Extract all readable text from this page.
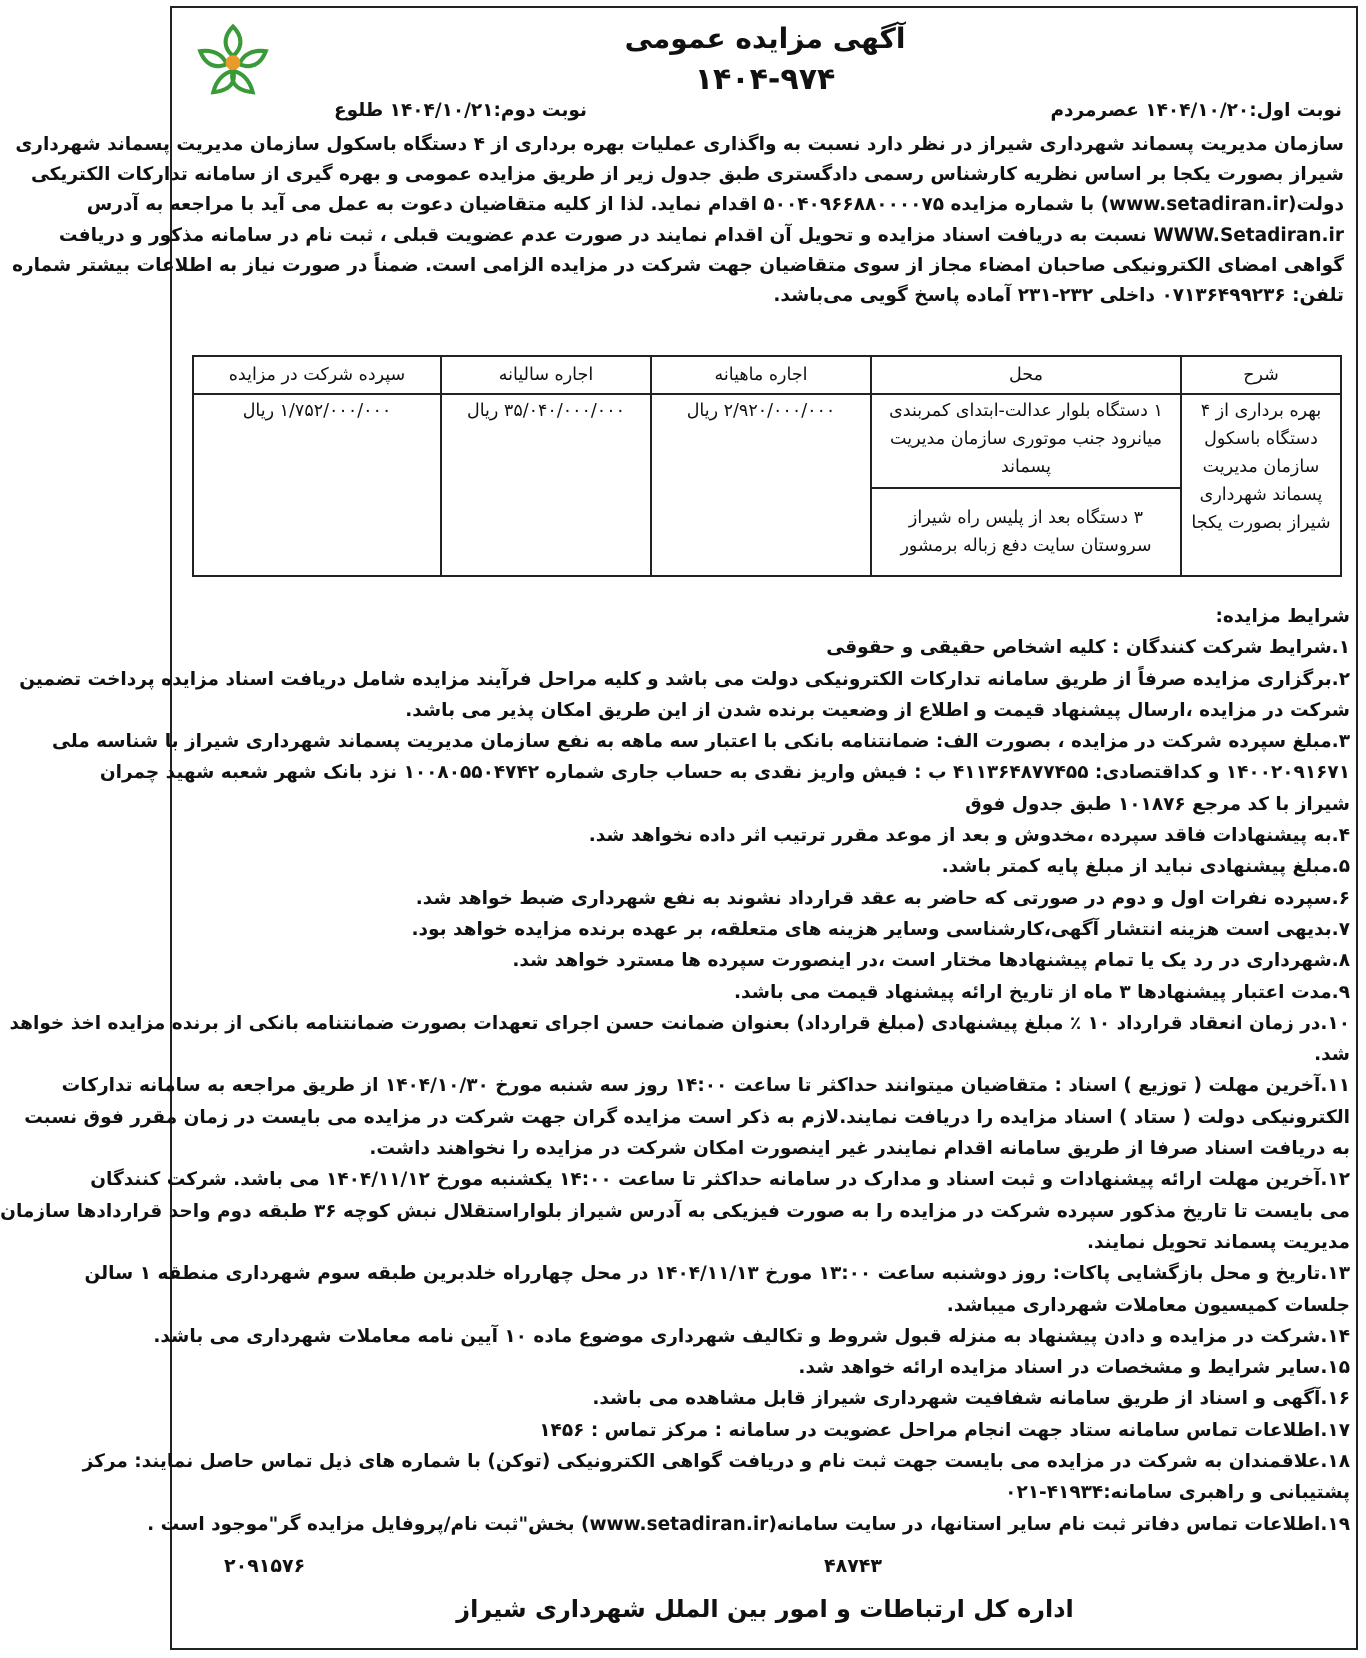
آگهی مزایده عمومی
۱۴۰۴-۹۷۴
نوبت اول:۱۴۰۴/۱۰/۲۰ عصرمردم
نوبت دوم:۱۴۰۴/۱۰/۲۱ طلوع
سازمان مدیریت پسماند شهرداری شیراز در نظر دارد نسبت به واگذاری عملیات بهره برداری از ۴ دستگاه باسکول سازمان مدیریت پسماند شهرداری
شیراز بصورت یکجا بر اساس نظریه کارشناس رسمی دادگستری طبق جدول زیر از طریق مزایده عمومی و بهره گیری از سامانه تدارکات الکتریکی
دولت(www.setadiran.ir) با شماره مزایده ۵۰۰۴۰۹۶۶۸۸۰۰۰۰۷۵ اقدام نماید. لذا از کلیه متقاضیان دعوت به عمل می آید با مراجعه به آدرس
WWW.Setadiran.ir نسبت به دریافت اسناد مزایده و تحویل آن اقدام نمایند در صورت عدم عضویت قبلی ، ثبت نام در سامانه مذکور و دریافت
گواهی امضای الکترونیکی صاحبان امضاء مجاز از سوی متقاضیان جهت شرکت در مزایده الزامی است. ضمناً در صورت نیاز به اطلاعات بیشتر شماره
تلفن: ۰۷۱۳۶۴۹۹۲۳۶ داخلی ۲۳۲-۲۳۱ آماده پاسخ گویی می‌باشد.
شرح	محل	اجاره ماهیانه	اجاره سالیانه	سپرده شرکت در مزایده
بهره برداری از ۴ دستگاه باسکول سازمان مدیریت پسماند شهرداری شیراز بصورت یکجا	۱ دستگاه بلوار عدالت-ابتدای کمربندی میانرود جنب موتوری سازمان مدیریت پسماند	۲/۹۲۰/۰۰۰/۰۰۰ ریال	۳۵/۰۴۰/۰۰۰/۰۰۰ ریال	۱/۷۵۲/۰۰۰/۰۰۰ ریال
	۳ دستگاه بعد از پلیس راه شیراز سروستان سایت دفع زباله برمشور			
شرایط مزایده:
۱.شرایط شرکت کنندگان : کلیه اشخاص حقیقی و حقوقی
۲.برگزاری مزایده صرفاً از طریق سامانه تدارکات الکترونیکی دولت می باشد و کلیه مراحل فرآیند مزایده شامل دریافت اسناد مزایده پرداخت تضمین
شرکت در مزایده ،ارسال پیشنهاد قیمت و اطلاع از وضعیت برنده شدن از این طریق امکان پذیر می باشد.
۳.مبلغ سپرده شرکت در مزایده ، بصورت الف: ضمانتنامه بانکی با اعتبار سه ماهه به نفع سازمان مدیریت پسماند شهرداری شیراز با شناسه ملی
۱۴۰۰۲۰۹۱۶۷۱ و کداقتصادی: ۴۱۱۳۶۴۸۷۷۴۵۵ ب : فیش واریز نقدی به حساب جاری شماره ۱۰۰۸۰۵۵۰۴۷۴۲ نزد بانک شهر شعبه شهید چمران
شیراز با کد مرجع ۱۰۱۸۷۶ طبق جدول فوق
۴.به پیشنهادات فاقد سپرده ،مخدوش و بعد از موعد مقرر ترتیب اثر داده نخواهد شد.
۵.مبلغ پیشنهادی نباید از مبلغ پایه کمتر باشد.
۶.سپرده نفرات اول و دوم در صورتی که حاضر به عقد قرارداد نشوند به نفع شهرداری ضبط خواهد شد.
۷.بدیهی است هزینه انتشار آگهی،کارشناسی وسایر هزینه های متعلقه، بر عهده برنده مزایده خواهد بود.
۸.شهرداری در رد یک یا تمام پیشنهادها مختار است ،در اینصورت سپرده ها مسترد خواهد شد.
۹.مدت اعتبار پیشنهادها ۳ ماه از تاریخ ارائه پیشنهاد قیمت می باشد.
۱۰.در زمان انعقاد قرارداد ۱۰ ٪ مبلغ پیشنهادی (مبلغ قرارداد) بعنوان ضمانت حسن اجرای تعهدات بصورت ضمانتنامه بانکی از برنده مزایده اخذ خواهد
شد.
۱۱.آخرین مهلت ( توزیع ) اسناد : متقاضیان میتوانند حداکثر تا ساعت ۱۴:۰۰ روز سه شنبه مورخ ۱۴۰۴/۱۰/۳۰ از طریق مراجعه به سامانه تدارکات
الکترونیکی دولت ( ستاد ) اسناد مزایده را دریافت نمایند.لازم به ذکر است مزایده گران جهت شرکت در مزایده می بایست در زمان مقرر فوق نسبت
به دریافت اسناد صرفا از طریق سامانه اقدام نمایندر غیر اینصورت امکان شرکت در مزایده را نخواهند داشت.
۱۲.آخرین مهلت ارائه پیشنهادات و ثبت اسناد و مدارک در سامانه حداکثر تا ساعت ۱۴:۰۰ یکشنبه مورخ ۱۴۰۴/۱۱/۱۲ می باشد. شرکت کنندگان
می بایست تا تاریخ مذکور سپرده شرکت در مزایده را به صورت فیزیکی به آدرس شیراز بلواراستقلال نبش کوچه ۳۶ طبقه دوم واحد قراردادها سازمان
مدیریت پسماند تحویل نمایند.
۱۳.تاریخ و محل بازگشایی پاکات: روز دوشنبه ساعت ۱۳:۰۰ مورخ ۱۴۰۴/۱۱/۱۳ در محل چهارراه خلدبرین طبقه سوم شهرداری منطقه ۱ سالن
جلسات کمیسیون معاملات شهرداری میباشد.
۱۴.شرکت در مزایده و دادن پیشنهاد به منزله قبول شروط و تکالیف شهرداری موضوع ماده ۱۰ آیین نامه معاملات شهرداری می باشد.
۱۵.سایر شرایط و مشخصات در اسناد مزایده ارائه خواهد شد.
۱۶.آگهی و اسناد از طریق سامانه شفافیت شهرداری شیراز قابل مشاهده می باشد.
۱۷.اطلاعات تماس سامانه ستاد جهت انجام مراحل عضویت در سامانه : مرکز تماس : ۱۴۵۶
۱۸.علاقمندان به شرکت در مزایده می بایست جهت ثبت نام و دریافت گواهی الکترونیکی (توکن) با شماره های ذیل تماس حاصل نمایند: مرکز
پشتیبانی و راهبری سامانه:۴۱۹۳۴-۰۲۱
۱۹.اطلاعات تماس دفاتر ثبت نام سایر استانها، در سایت سامانه(www.setadiran.ir) بخش"ثبت نام/پروفایل مزایده گر"موجود است .
۴۸۷۴۳
۲۰۹۱۵۷۶
اداره کل ارتباطات و امور بین الملل شهرداری شیراز
